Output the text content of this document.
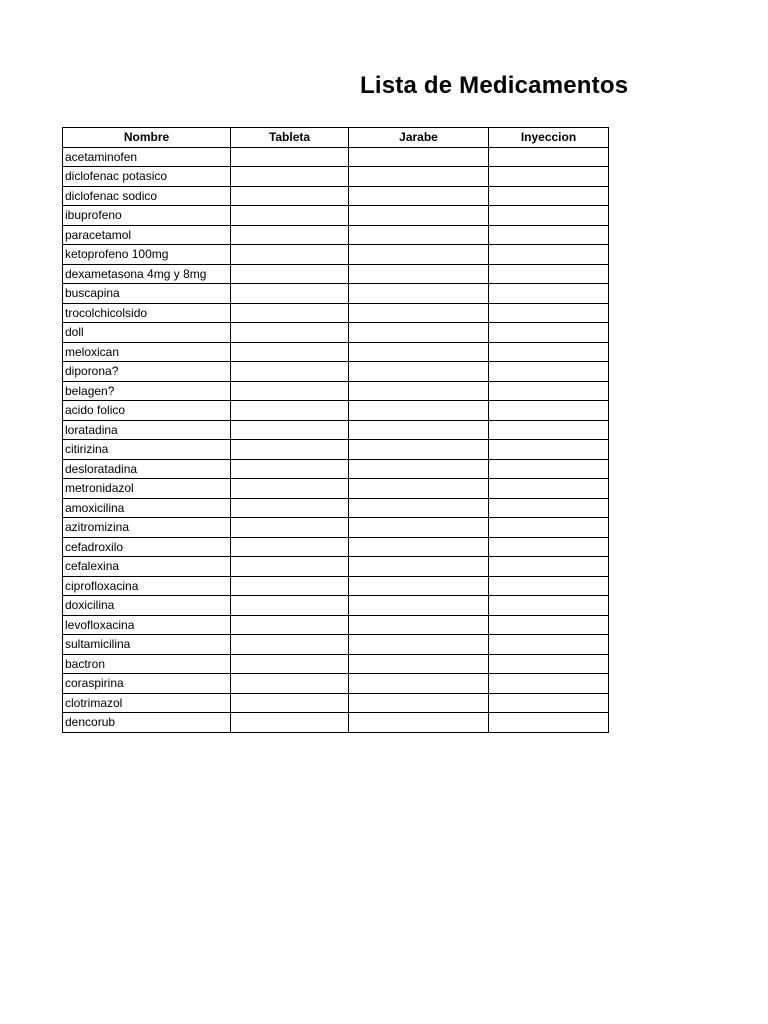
Lista de Medicamentos
Nombre	Tableta	Jarabe	Inyeccion
acetaminofen			
diclofenac potasico			
diclofenac sodico			
ibuprofeno			
paracetamol			
ketoprofeno 100mg			
dexametasona 4mg y 8mg			
buscapina			
trocolchicolsido			
doll			
meloxican			
diporona?			
belagen?			
acido folico			
loratadina			
citirizina			
desloratadina			
metronidazol			
amoxicilina			
azitromizina			
cefadroxilo			
cefalexina			
ciprofloxacina			
doxicilina			
levofloxacina			
sultamicilina			
bactron			
coraspirina			
clotrimazol			
dencorub			
